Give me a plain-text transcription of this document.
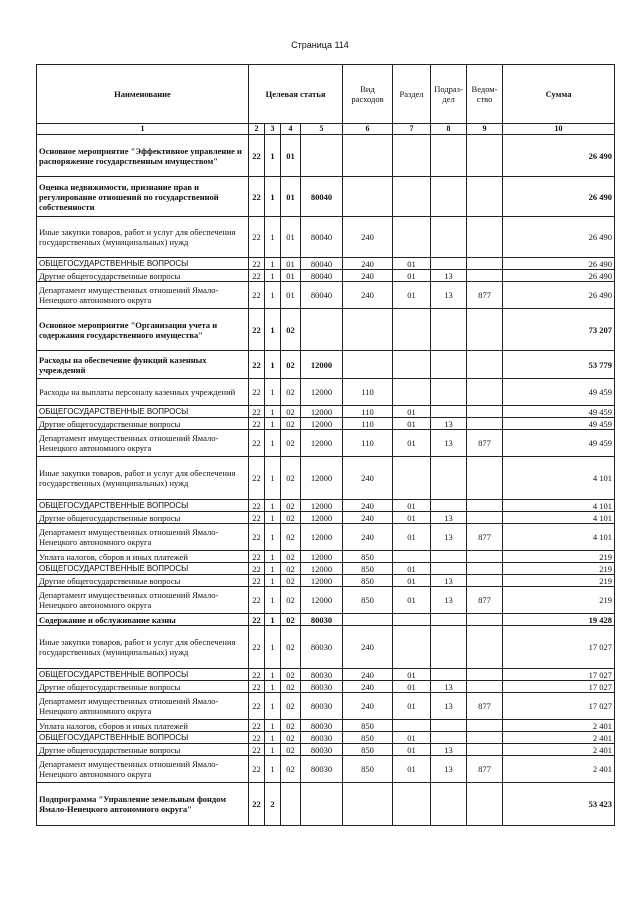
Страница 114
Наименование	Целевая статья				Вид расходов	Раздел	Подраз-дел	Ведом-ство	Сумма
1	2	3	4	5	6	7	8	9	10
Основное мероприятие "Эффективное управление и распоряжение государственным имуществом"	22	1	01						26 490
Оценка недвижимости, признание прав и регулирование отношений по государственной собственности	22	1	01	80040					26 490
Иные закупки товаров, работ и услуг для обеспечения государственных (муниципальных) нужд	22	1	01	80040	240				26 490
ОБЩЕГОСУДАРСТВЕННЫЕ ВОПРОСЫ	22	1	01	80040	240	01			26 490
Другие общегосударственные вопросы	22	1	01	80040	240	01	13		26 490
Департамент имущественных отношений Ямало-Ненецкого автономного округа	22	1	01	80040	240	01	13	877	26 490
Основное мероприятие "Организация учета и содержания государственного имущества"	22	1	02						73 207
Расходы на обеспечение функций казенных учреждений	22	1	02	12000					53 779
Расходы на выплаты персоналу казенных учреждений	22	1	02	12000	110				49 459
ОБЩЕГОСУДАРСТВЕННЫЕ ВОПРОСЫ	22	1	02	12000	110	01			49 459
Другие общегосударственные вопросы	22	1	02	12000	110	01	13		49 459
Департамент имущественных отношений Ямало-Ненецкого автономного округа	22	1	02	12000	110	01	13	877	49 459
Иные закупки товаров, работ и услуг для обеспечения государственных (муниципальных) нужд	22	1	02	12000	240				4 101
ОБЩЕГОСУДАРСТВЕННЫЕ ВОПРОСЫ	22	1	02	12000	240	01			4 101
Другие общегосударственные вопросы	22	1	02	12000	240	01	13		4 101
Департамент имущественных отношений Ямало-Ненецкого автономного округа	22	1	02	12000	240	01	13	877	4 101
Уплата налогов, сборов и иных платежей	22	1	02	12000	850				219
ОБЩЕГОСУДАРСТВЕННЫЕ ВОПРОСЫ	22	1	02	12000	850	01			219
Другие общегосударственные вопросы	22	1	02	12000	850	01	13		219
Департамент имущественных отношений Ямало-Ненецкого автономного округа	22	1	02	12000	850	01	13	877	219
Содержание и обслуживание казны	22	1	02	80030					19 428
Иные закупки товаров, работ и услуг для обеспечения государственных (муниципальных) нужд	22	1	02	80030	240				17 027
ОБЩЕГОСУДАРСТВЕННЫЕ ВОПРОСЫ	22	1	02	80030	240	01			17 027
Другие общегосударственные вопросы	22	1	02	80030	240	01	13		17 027
Департамент имущественных отношений Ямало-Ненецкого автономного округа	22	1	02	80030	240	01	13	877	17 027
Уплата налогов, сборов и иных платежей	22	1	02	80030	850				2 401
ОБЩЕГОСУДАРСТВЕННЫЕ ВОПРОСЫ	22	1	02	80030	850	01			2 401
Другие общегосударственные вопросы	22	1	02	80030	850	01	13		2 401
Департамент имущественных отношений Ямало-Ненецкого автономного округа	22	1	02	80030	850	01	13	877	2 401
Подпрограмма "Управление земельным фондом Ямало-Ненецкого автономного округа"	22	2							53 423
